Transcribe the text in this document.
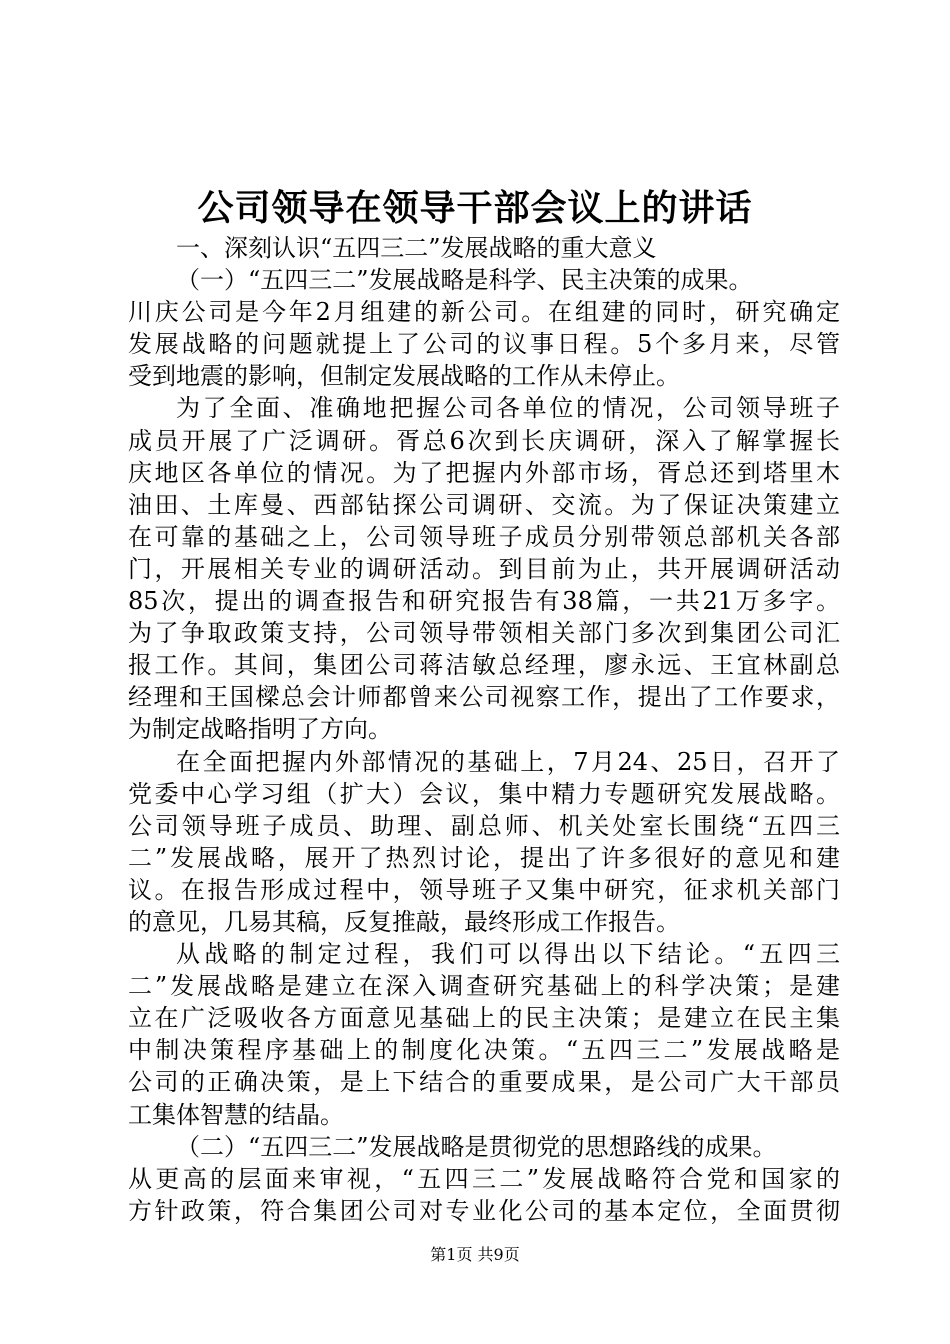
公司领导在领导干部会议上的讲话
一、深刻认识“五四三二”发展战略的重大意义
（一）“五四三二”发展战略是科学、民主决策的成果。
川庆公司是今年2月组建的新公司。在组建的同时，研究确定
发展战略的问题就提上了公司的议事日程。5个多月来，尽管
受到地震的影响，但制定发展战略的工作从未停止。
为了全面、准确地把握公司各单位的情况，公司领导班子
成员开展了广泛调研。胥总6次到长庆调研，深入了解掌握长
庆地区各单位的情况。为了把握内外部市场，胥总还到塔里木
油田、土库曼、西部钻探公司调研、交流。为了保证决策建立
在可靠的基础之上，公司领导班子成员分别带领总部机关各部
门，开展相关专业的调研活动。到目前为止，共开展调研活动
85次，提出的调查报告和研究报告有38篇，一共21万多字。
为了争取政策支持，公司领导带领相关部门多次到集团公司汇
报工作。其间，集团公司蒋洁敏总经理，廖永远、王宜林副总
经理和王国樑总会计师都曾来公司视察工作，提出了工作要求，
为制定战略指明了方向。
在全面把握内外部情况的基础上，7月24、25日，召开了
党委中心学习组（扩大）会议，集中精力专题研究发展战略。
公司领导班子成员、助理、副总师、机关处室长围绕“五四三
二”发展战略，展开了热烈讨论，提出了许多很好的意见和建
议。在报告形成过程中，领导班子又集中研究，征求机关部门
的意见，几易其稿，反复推敲，最终形成工作报告。
从战略的制定过程，我们可以得出以下结论。“五四三
二”发展战略是建立在深入调查研究基础上的科学决策；是建
立在广泛吸收各方面意见基础上的民主决策；是建立在民主集
中制决策程序基础上的制度化决策。“五四三二”发展战略是
公司的正确决策，是上下结合的重要成果，是公司广大干部员
工集体智慧的结晶。
（二）“五四三二”发展战略是贯彻党的思想路线的成果。
从更高的层面来审视，“五四三二”发展战略符合党和国家的
方针政策，符合集团公司对专业化公司的基本定位，全面贯彻
第1页 共9页
